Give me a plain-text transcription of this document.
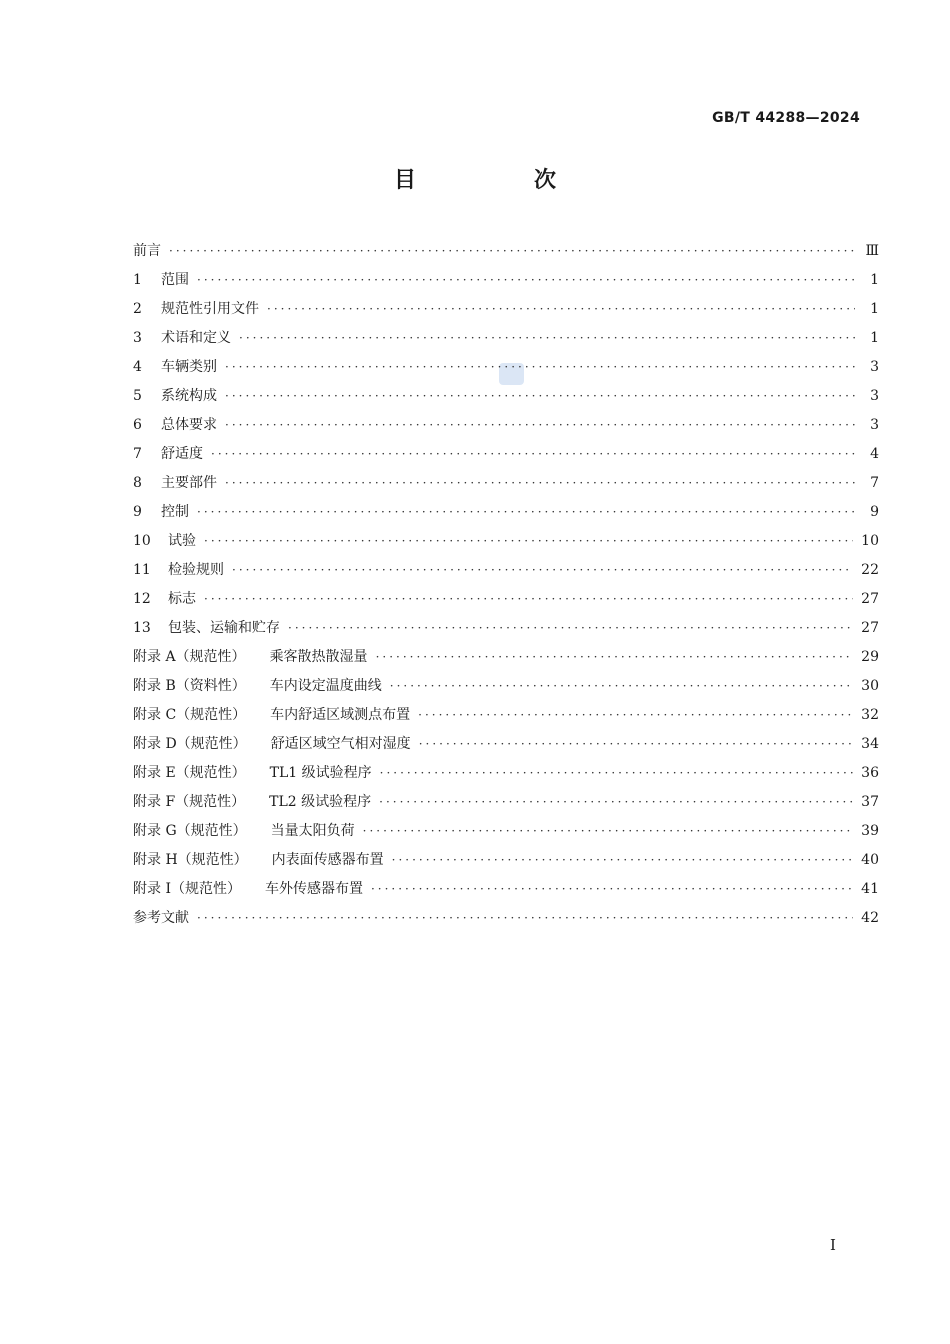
GB/T 44288—2024
目　次
前言 ·····	Ⅲ
1	范围 ·····	1
2	规范性引用文件 ·····	1
3	术语和定义 ·····	1
4	车辆类别 ·····	3
5	系统构成 ·····	3
6	总体要求 ·····	3
7	舒适度 ·····	4
8	主要部件 ·····	7
9	控制 ·····	9
10	试验 ·····	10
11	检验规则 ·····	22
12	标志 ·····	27
13	包装、运输和贮存 ·····	27
附录 A（规范性） 乘客散热散湿量 ·····	29
附录 B（资料性） 车内设定温度曲线 ·····	30
附录 C（规范性） 车内舒适区域测点布置 ·····	32
附录 D（规范性） 舒适区域空气相对湿度 ·····	34
附录 E（规范性） TL1 级试验程序 ·····	36
附录 F（规范性） TL2 级试验程序 ·····	37
附录 G（规范性） 当量太阳负荷 ·····	39
附录 H（规范性） 内表面传感器布置 ·····	40
附录 I（规范性） 车外传感器布置 ·····	41
参考文献 ·····	42
Ⅰ
